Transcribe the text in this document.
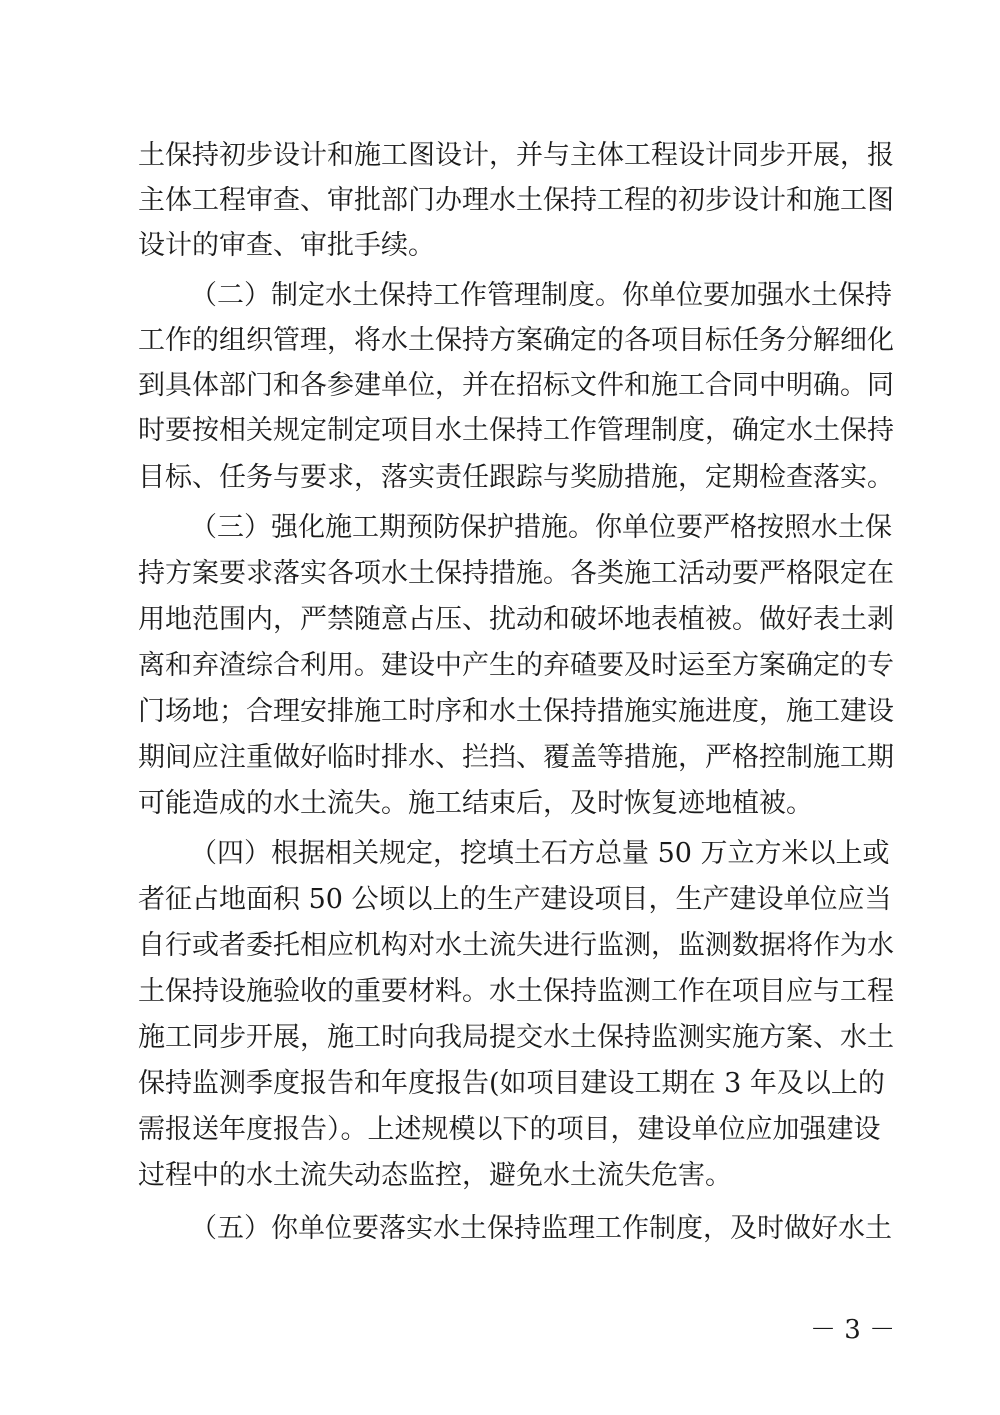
土保持初步设计和施工图设计，并与主体工程设计同步开展，报
主体工程审查、审批部门办理水土保持工程的初步设计和施工图
设计的审查、审批手续。
（二）制定水土保持工作管理制度。你单位要加强水土保持
工作的组织管理，将水土保持方案确定的各项目标任务分解细化
到具体部门和各参建单位，并在招标文件和施工合同中明确。同
时要按相关规定制定项目水土保持工作管理制度，确定水土保持
目标、任务与要求，落实责任跟踪与奖励措施，定期检查落实。
（三）强化施工期预防保护措施。你单位要严格按照水土保
持方案要求落实各项水土保持措施。各类施工活动要严格限定在
用地范围内，严禁随意占压、扰动和破坏地表植被。做好表土剥
离和弃渣综合利用。建设中产生的弃碴要及时运至方案确定的专
门场地；合理安排施工时序和水土保持措施实施进度，施工建设
期间应注重做好临时排水、拦挡、覆盖等措施，严格控制施工期
可能造成的水土流失。施工结束后，及时恢复迹地植被。
（四）根据相关规定，挖填土石方总量 50 万立方米以上或
者征占地面积 50 公顷以上的生产建设项目，生产建设单位应当
自行或者委托相应机构对水土流失进行监测，监测数据将作为水
土保持设施验收的重要材料。水土保持监测工作在项目应与工程
施工同步开展，施工时向我局提交水土保持监测实施方案、水土
保持监测季度报告和年度报告(如项目建设工期在 3 年及以上的
需报送年度报告）。上述规模以下的项目，建设单位应加强建设
过程中的水土流失动态监控，避免水土流失危害。
（五）你单位要落实水土保持监理工作制度，及时做好水土
－ 3 －
